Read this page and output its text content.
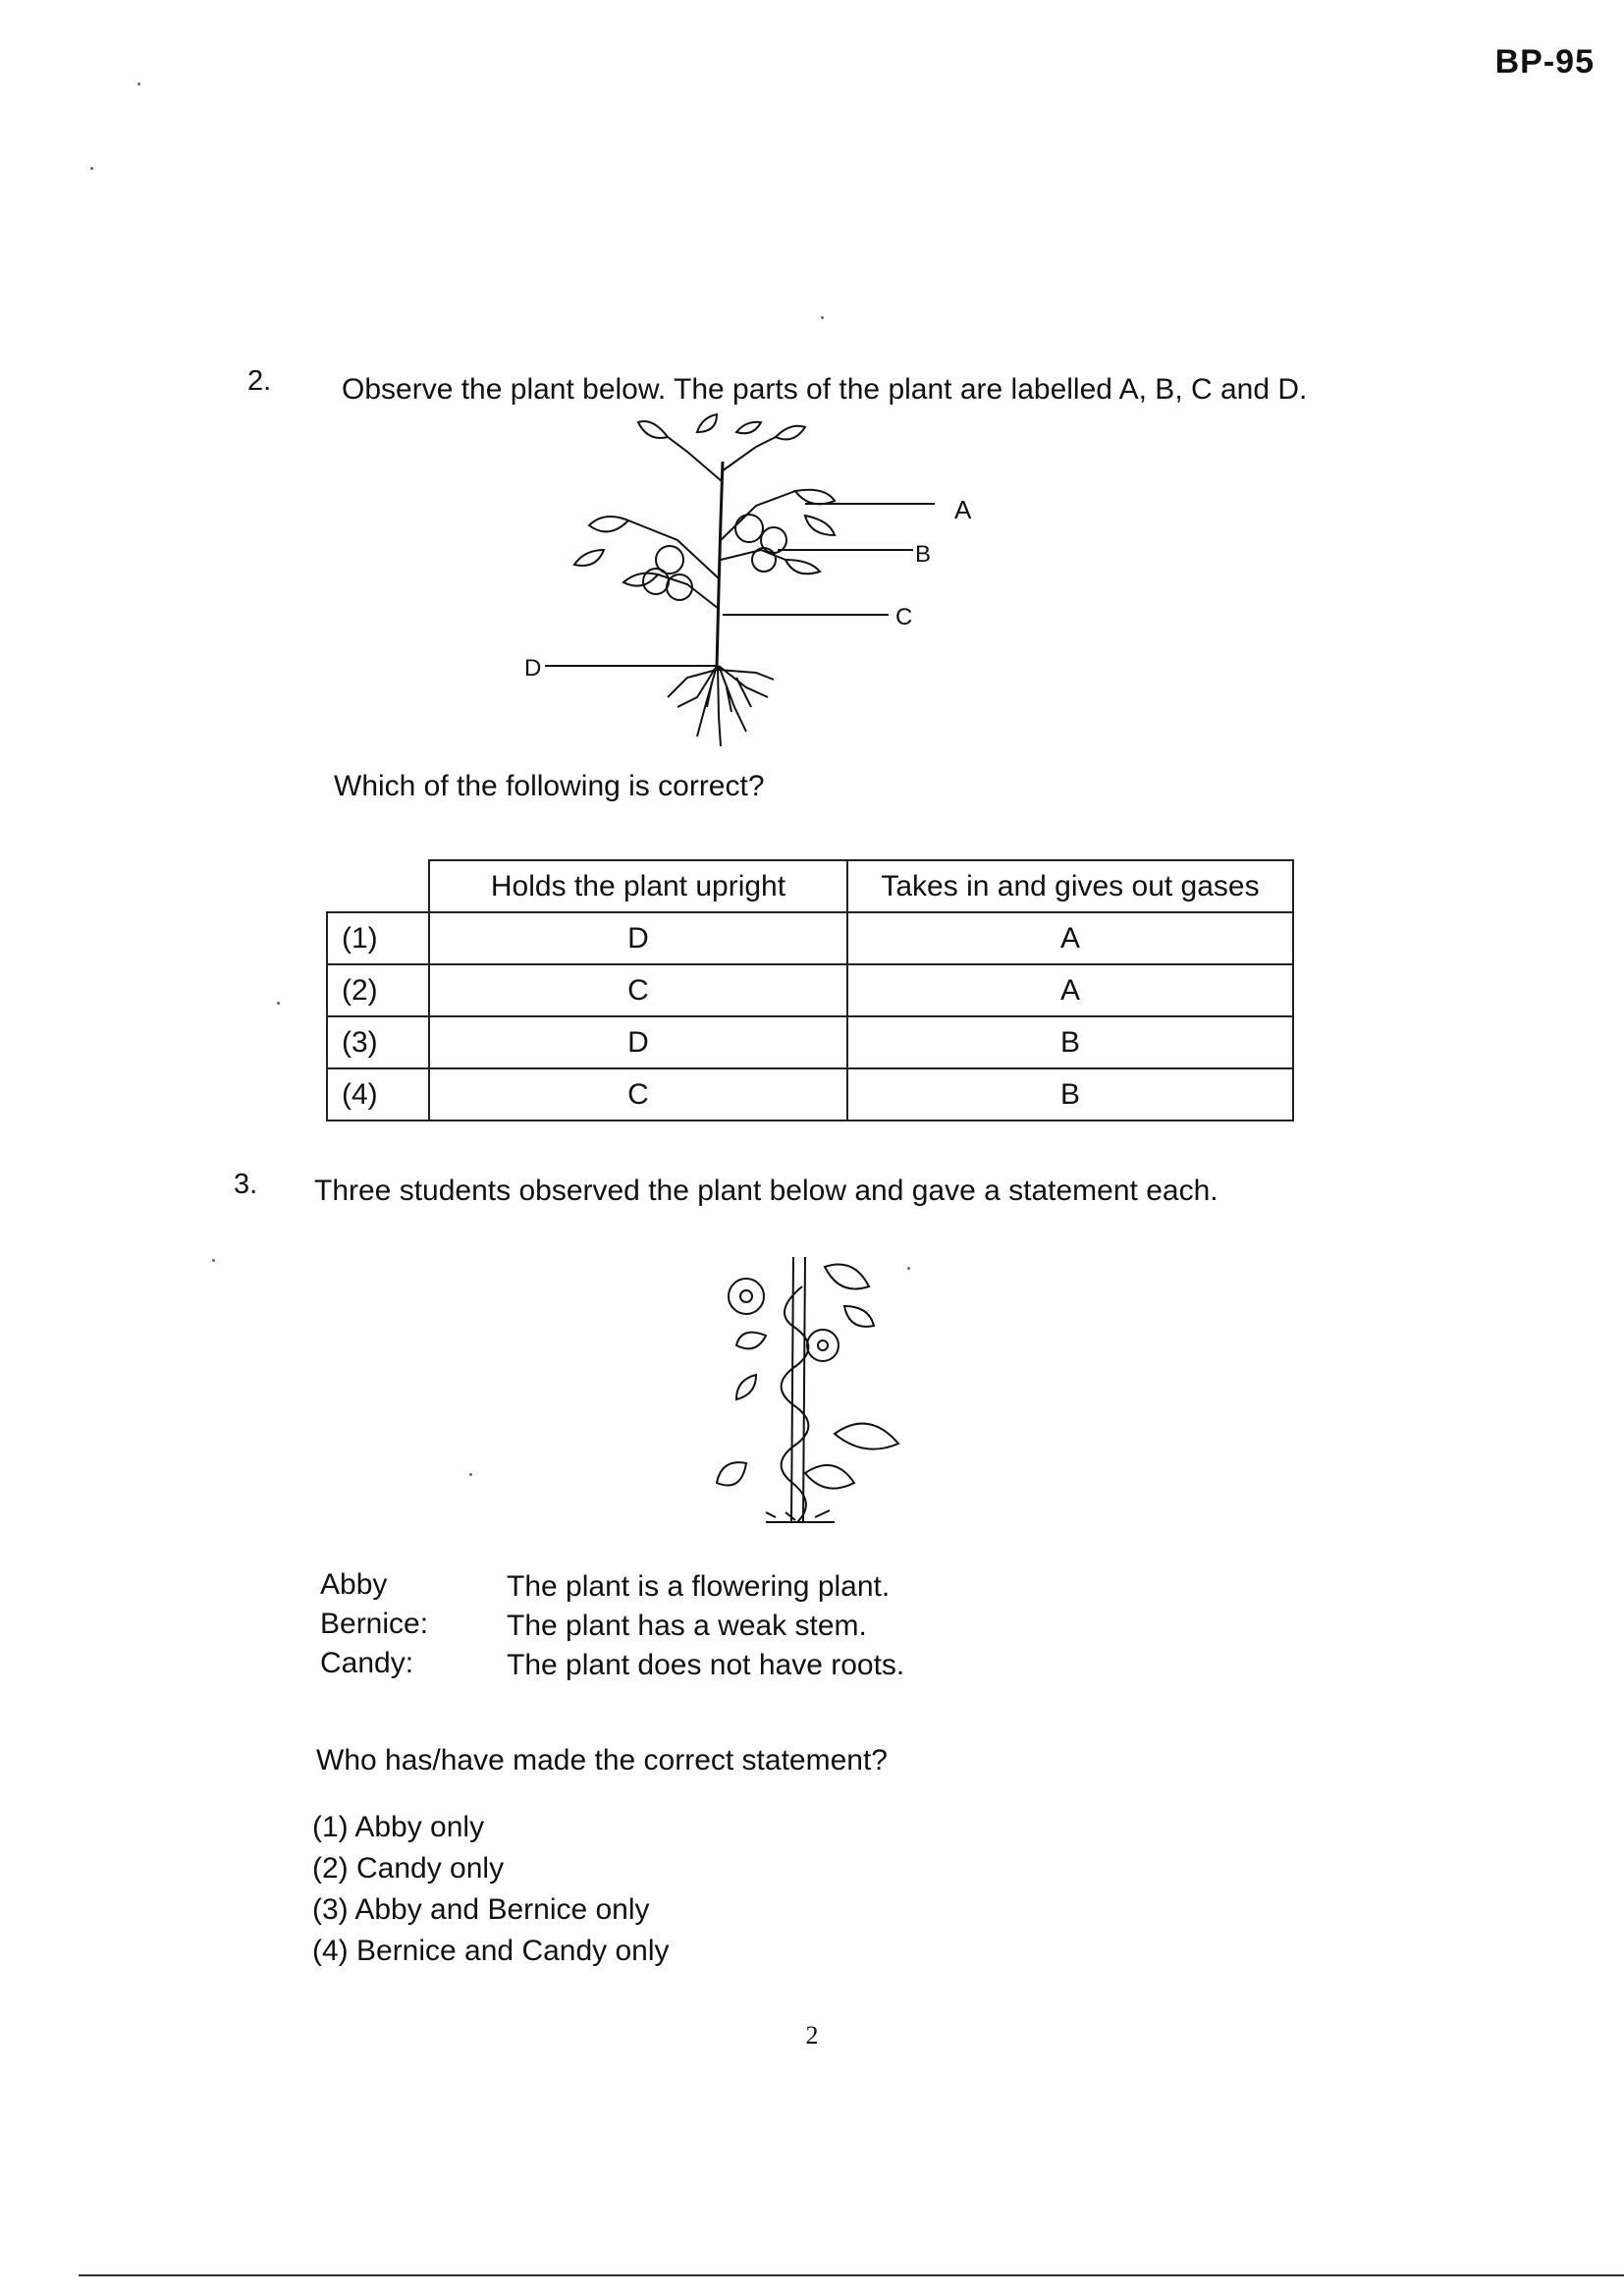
BP-95
2. Observe the plant below. The parts of the plant are labelled A, B, C and D.
A
B
C
D
Which of the following is correct?
	Holds the plant upright	Takes in and gives out gases
(1)	D	A
(2)	C	A
(3)	D	B
(4)	C	B
3. Three students observed the plant below and gave a statement each.
Abby	The plant is a flowering plant.
Bernice:	The plant has a weak stem.
Candy:	The plant does not have roots.
Who has/have made the correct statement?
(1) Abby only
(2) Candy only
(3) Abby and Bernice only
(4) Bernice and Candy only
2
